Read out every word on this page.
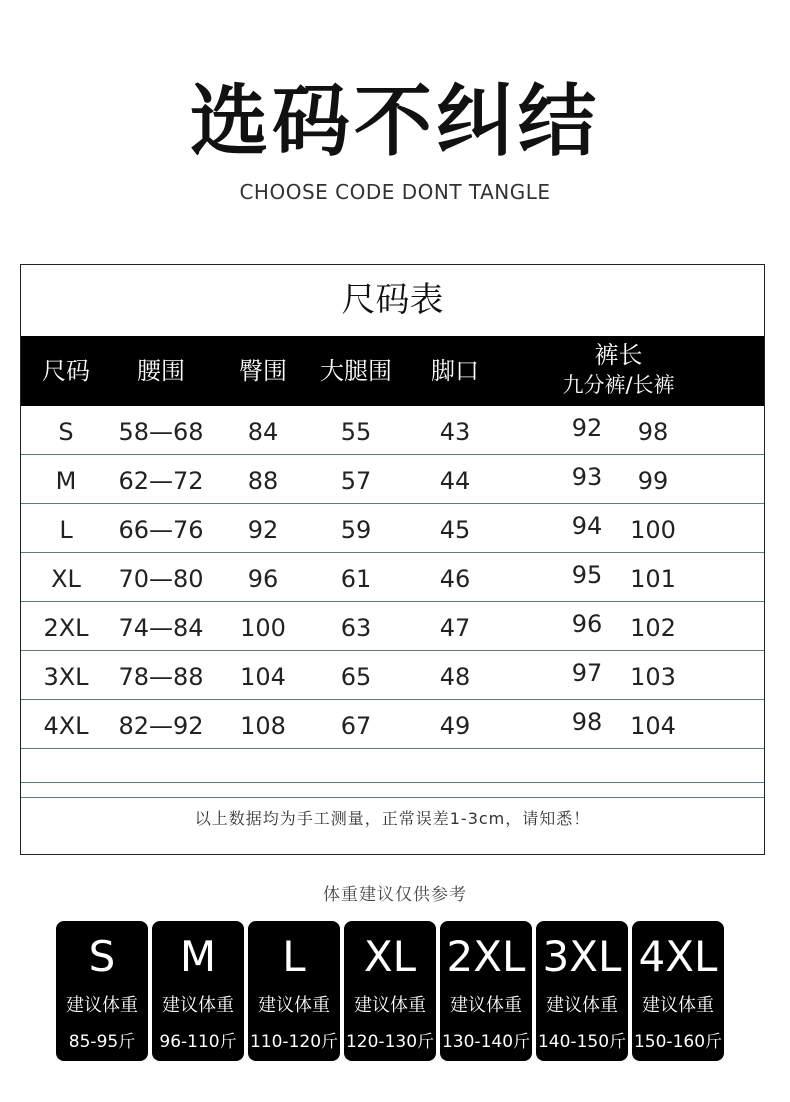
选码不纠结
CHOOSE CODE DONT TANGLE
尺码表
尺码	腰围	臀围	大腿围	脚口
裤长
九分裤/长裤
S	58—68	84	55	43	92	98
M	62—72	88	57	44	93	99
L	66—76	92	59	45	94	100
XL	70—80	96	61	46	95	101
2XL	74—84	100	63	47	96	102
3XL	78—88	104	65	48	97	103
4XL	82—92	108	67	49	98	104
以上数据均为手工测量，正常误差1-3cm，请知悉！
体重建议仅供参考
S
建议体重
85-95斤
M
建议体重
96-110斤
L
建议体重
110-120斤
XL
建议体重
120-130斤
2XL
建议体重
130-140斤
3XL
建议体重
140-150斤
4XL
建议体重
150-160斤
